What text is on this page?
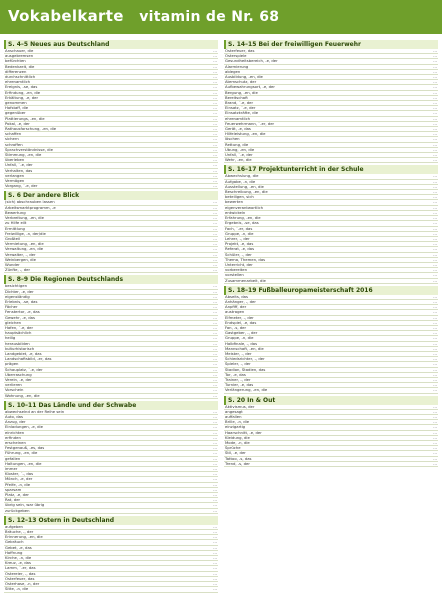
Vokabelkarte vitamin de Nr. 68
S. 4–5 Neues aus Deutschland
Anschauer, die	...
ausgebremsen	...
befürchten	...
Bedenkzeit, die	...
differenzen	...
durchschnittlich	...
ehrenamtlich	...
Ereignis, -se, das	...
Erfindung, -en, die	...
Erkältung, -e, der	...
genommen	...
Hofstaff, die	...
gegenüber	...
Plattierungs, -en, die	...
Pokal, -e, der	...
Rathausforschung, -en, die	...
schaffen	...
sichern	...
schroffen	...
Sprachverständnisse, die	...
Stimmung, -en, die	...
überleben	...
Unfall, ¨-e, der	...
Verhalten, das	...
verlangen	...
Vermögen	...
Vorgang, ¨-e, der	...
S. 6 Der andere Blick
(sich) abschrauben lassen	...
Arbeitsmarktprogramm, -e	...
Bewertung	...
Verbreitung, -en, die	...
zu Hilfe eilt	...
Ermittlung	...
Freiwillige, -n, der/die	...
Großteil	...
Vermietung, -en, die	...
Verwaltung, -en, die	...
Verwalter, -, der	...
Weinbergen, die	...
Wunder	...
Zünfte, -, der	...
S. 8–9 Die Regionen Deutschlands
besichtigen	...
Dichter, -e, der	...
eigenständig	...
Erlebnis, -se, das	...
Fächer	...
Fenstertor, -e, das	...
Gewehr, -e, das	...
gleichen	...
Hafen, ¨-e, der	...
hauptsächlich	...
heilig	...
herausbilden	...
kulturhistorisch	...
Landgebiet, -e, das	...
Landschaftsbild, -er, das	...
prägen	...
Schauplatz, ¨-e, der	...
Überraschung	...
Verein, -e, der	...
verlieren	...
Vorschein	...
Wohnung, -en, die	...
S. 10–11 Das Ländle und der Schwabe
abwechselnd an der Reihe sein	...
Auto, das	...
Anzug, der	...
Einladungen, -e, die	...
einrichten	...
erfinden	...
erscheinen	...
Festgenauß, -es, das	...
Führung, -en, die	...
gefallen	...
Haltungen, -en, die	...
immer	...
Kloster, ¨-, das	...
Mönch, -e, der	...
Pfeife, -n, die	...
sparsam	...
Platz, -e, der	...
Rat, der	...
übrig sein, war übrig	...
zurückgeben	...
S. 12–13 Ostern in Deutschland
aufgeben	...
Bräuche, -, der	...
Erinnerung, -en, die	...
Gebräuch	...
Gebet, -e, das	...
Hoffnung	...
Kirche, -n, die	...
Kreuz, -e, das	...
Lamm, ¨-er, das	...
Ostereier, -, das	...
Osterfeuer, das	...
Osterhase, -n, der	...
Sitte, -n, die	...
S. 14–15 Bei der freiwilligen Feuerwehr
Osterfeuer, das	...
Osterspiele	...
Gesundheitsbereich, -e, der	...
Alarmierung	...
ablegen	...
Ausbildung, -en, die	...
Atemschutz, der	...
Aufbewahrungsort, -e, der	...
Bergung, -en, die	...
Bereitschaft	...
Brand, ¨-e, der	...
Einsatz, ¨-e, der	...
Einsatzkräfte, die	...
ehrenamtlich	...
Feuerwehrmann, ¨-er, der	...
Gerät, -e, das	...
Hilfeleistung, -en, die	...
löschen	...
Rettung, die	...
Übung, -en, die	...
Unfall, ¨-e, der	...
Wehr, -en, die	...
S. 16–17 Projektunterricht in der Schule
Abwechslung, die	...
Aufgabe, -n, die	...
Ausstellung, -en, die	...
Beschreibung, -en, die	...
beteiligen, sich	...
bewerten	...
eigenverantwortlich	...
entwickeln	...
Erfahrung, -en, die	...
Ergebnis, -se, das	...
Fach, ¨-er, das	...
Gruppe, -n, die	...
Lehrer, -, der	...
Projekt, -e, das	...
Referat, -e, das	...
Schüler, -, der	...
Thema, Themen, das	...
Unterricht, der	...
vorbereiten	...
vorstellen	...
Zusammenarbeit, die	...
S. 18–19 Fußballeuropameisterschaft 2016
Abseits, das	...
Anhänger, -, der	...
Anpfiff, der	...
austragen	...
Elfmeter, -, der	...
Endspiel, -e, das	...
Fan, -s, der	...
Gastgeber, -, der	...
Gruppe, -n, die	...
Halbfinale, -, das	...
Mannschaft, -en, die	...
Meister, -, der	...
Schiedsrichter, -, der	...
Spieler, -, der	...
Stadion, Stadien, das	...
Tor, -e, das	...
Trainer, -, der	...
Turnier, -e, das	...
Verlängerung, -en, die	...
S. 20 In & Out
Aktivismus, der	...
angesagt	...
auffallen	...
Brille, -n, die	...
einzigartig	...
Haarschnitt, -e, der	...
Kleidung, die	...
Mode, -n, die	...
Sprüche	...
Stil, -e, der	...
Tattoo, -s, das	...
Trend, -s, der	...
